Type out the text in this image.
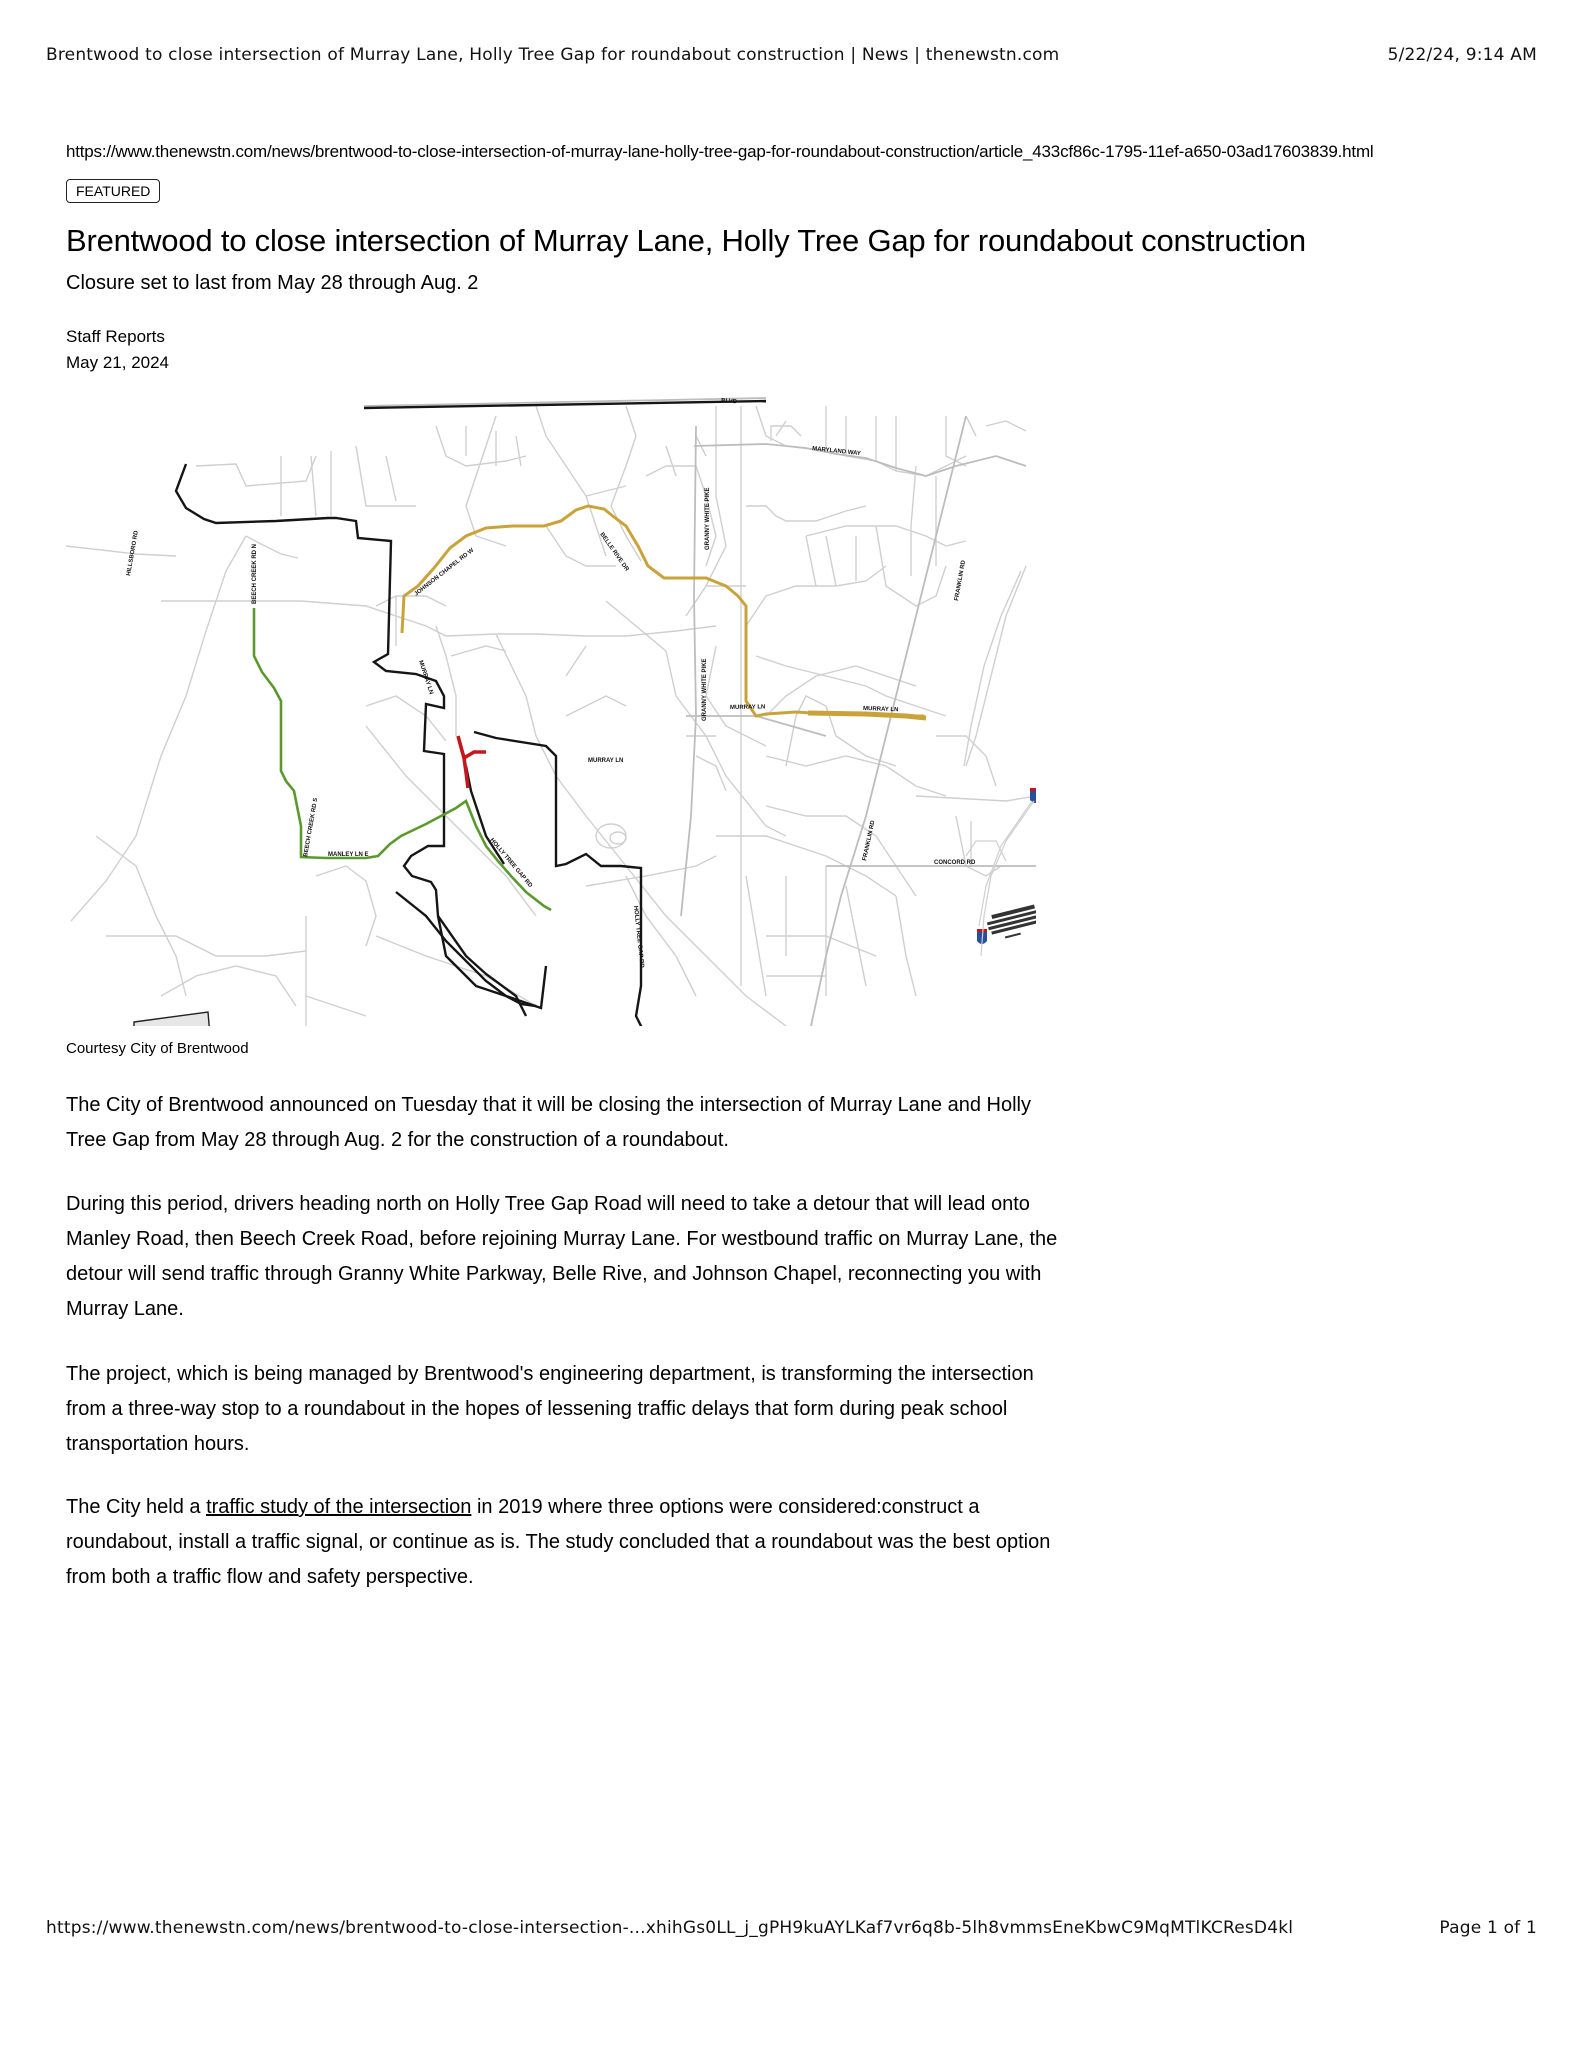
Brentwood to close intersection of Murray Lane, Holly Tree Gap for roundabout construction | News | thenewstn.com	5/22/24, 9:14 AM
https://www.thenewstn.com/news/brentwood-to-close-intersection-of-murray-lane-holly-tree-gap-for-roundabout-construction/article_433cf86c-1795-11ef-a650-03ad17603839.html
FEATURED
Brentwood to close intersection of Murray Lane, Holly Tree Gap for roundabout construction
Closure set to last from May 28 through Aug. 2
Staff Reports
May 21, 2024
HILLSBORO RD	BEECH CREEK RD N
BEECH CREEK RD S
JOHNSON CHAPEL RD W	BELLE RIVE DR
GRANNY WHITE PIKE
GRANNY WHITE PIKE
MARYLAND WAY
BLVD
MURRAY LN
MURRAY LN	MURRAY LN
MURRAY LN
MANLEY LN E	HOLLY TREE GAP RD
HOLLY TREE GAP RD
FRANKLIN RD
FRANKLIN RD
CONCORD RD
Courtesy City of Brentwood

The City of Brentwood announced on Tuesday that it will be closing the intersection of Murray Lane and Holly Tree Gap from May 28 through Aug. 2 for the construction of a roundabout.

During this period, drivers heading north on Holly Tree Gap Road will need to take a detour that will lead onto Manley Road, then Beech Creek Road, before rejoining Murray Lane. For westbound traffic on Murray Lane, the detour will send traffic through Granny White Parkway, Belle Rive, and Johnson Chapel, reconnecting you with Murray Lane.

The project, which is being managed by Brentwood's engineering department, is transforming the intersection from a three-way stop to a roundabout in the hopes of lessening traffic delays that form during peak school transportation hours.

The City held a traffic study of the intersection in 2019 where three options were considered:construct a roundabout, install a traffic signal, or continue as is. The study concluded that a roundabout was the best option from both a traffic flow and safety perspective.

https://www.thenewstn.com/news/brentwood-to-close-intersection-...xhihGs0LL_j_gPH9kuAYLKaf7vr6q8b-5lh8vmmsEneKbwC9MqMTlKCResD4kl	Page 1 of 1
